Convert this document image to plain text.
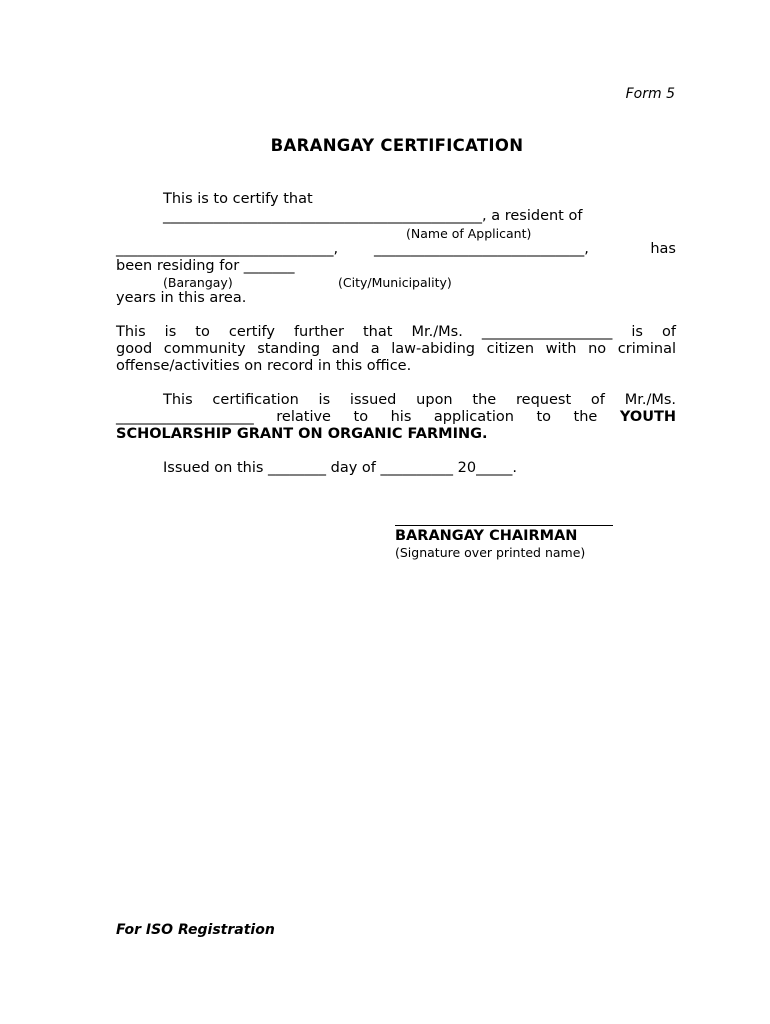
Form 5
BARANGAY CERTIFICATION
This is to certify that
____________________________________________, a resident of
(Name of Applicant)
______________________________, _____________________________,	has
been residing for _______
(Barangay)	(City/Municipality)
years in this area.
This is to certify further that Mr./Ms. __________________ is of
good community standing and a law-abiding citizen with no criminal
offense/activities on record in this office.
This certification is issued upon the request of Mr./Ms.
___________________ relative to his application to the YOUTH
SCHOLARSHIP GRANT ON ORGANIC FARMING.
Issued on this ________ day of __________ 20_____.
BARANGAY CHAIRMAN
(Signature over printed name)
For ISO Registration
